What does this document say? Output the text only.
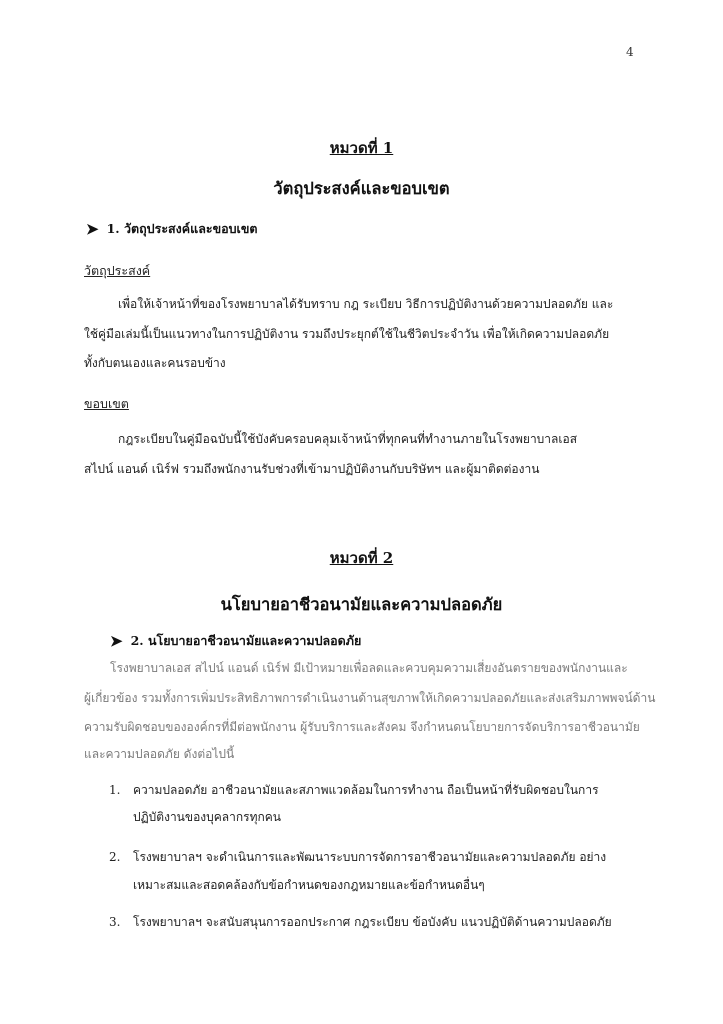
4
หมวดที่ 1
วัตถุประสงค์และขอบเขต
➤ 1. วัตถุประสงค์และขอบเขต
วัตถุประสงค์
เพื่อให้เจ้าหน้าที่ของโรงพยาบาลได้รับทราบ กฎ ระเบียบ วิธีการปฏิบัติงานด้วยความปลอดภัย และ
ใช้คู่มือเล่มนี้เป็นแนวทางในการปฏิบัติงาน รวมถึงประยุกต์ใช้ในชีวิตประจำวัน เพื่อให้เกิดความปลอดภัย
ทั้งกับตนเองและคนรอบข้าง
ขอบเขต
กฎระเบียบในคู่มือฉบับนี้ใช้บังคับครอบคลุมเจ้าหน้าที่ทุกคนที่ทำงานภายในโรงพยาบาลเอส
สไปน์ แอนด์ เนิร์ฟ รวมถึงพนักงานรับช่วงที่เข้ามาปฏิบัติงานกับบริษัทฯ และผู้มาติดต่องาน
หมวดที่ 2
นโยบายอาชีวอนามัยและความปลอดภัย
➤ 2. นโยบายอาชีวอนามัยและความปลอดภัย
โรงพยาบาลเอส สไปน์ แอนด์ เนิร์ฟ มีเป้าหมายเพื่อลดและควบคุมความเสี่ยงอันตรายของพนักงานและ
ผู้เกี่ยวข้อง รวมทั้งการเพิ่มประสิทธิภาพการดำเนินงานด้านสุขภาพให้เกิดความปลอดภัยและส่งเสริมภาพพจน์ด้าน
ความรับผิดชอบขององค์กรที่มีต่อพนักงาน ผู้รับบริการและสังคม จึงกำหนดนโยบายการจัดบริการอาชีวอนามัย
และความปลอดภัย ดังต่อไปนี้
1. ความปลอดภัย อาชีวอนามัยและสภาพแวดล้อมในการทำงาน ถือเป็นหน้าที่รับผิดชอบในการ
ปฏิบัติงานของบุคลากรทุกคน
2. โรงพยาบาลฯ จะดำเนินการและพัฒนาระบบการจัดการอาชีวอนามัยและความปลอดภัย อย่าง
เหมาะสมและสอดคล้องกับข้อกำหนดของกฎหมายและข้อกำหนดอื่นๆ
3. โรงพยาบาลฯ จะสนับสนุนการออกประกาศ กฎระเบียบ ข้อบังคับ แนวปฏิบัติด้านความปลอดภัย
